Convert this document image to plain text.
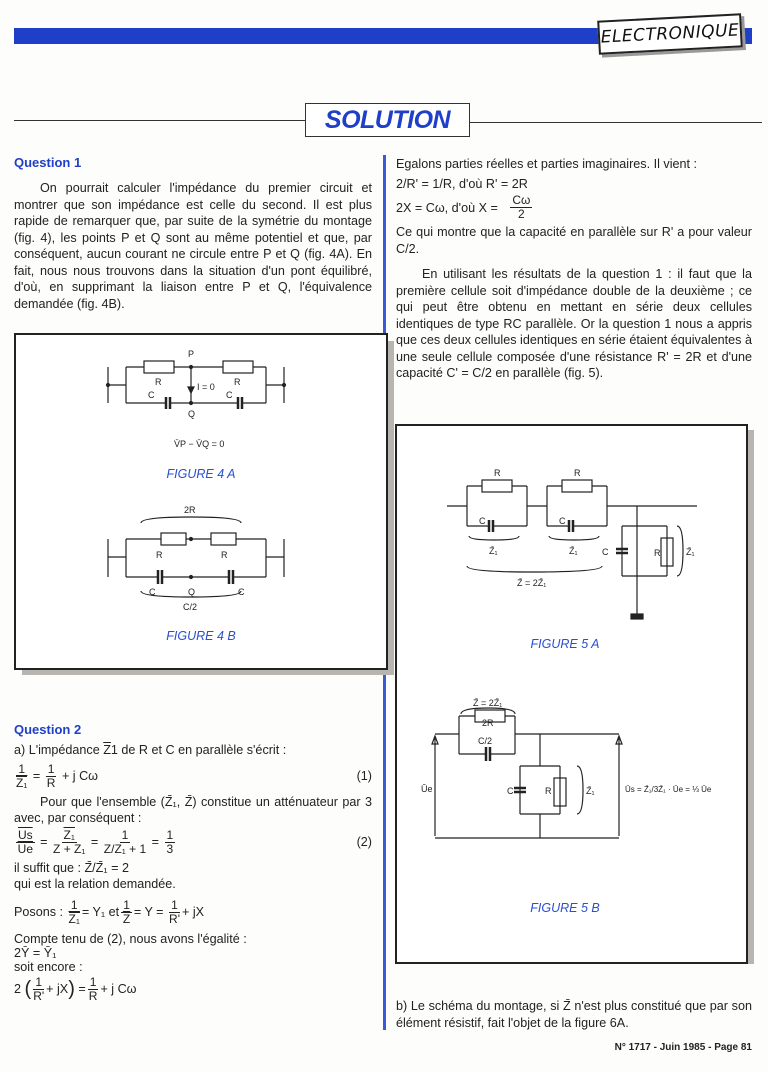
ELECTRONIQUE
SOLUTION
Question 1
On pourrait calculer l'impédance du premier circuit et montrer que son impédance est celle du second. Il est plus rapide de remarquer que, par suite de la symétrie du montage (fig. 4), les points P et Q sont au même potentiel et que, par conséquent, aucun courant ne circule entre P et Q (fig. 4A). En fait, nous nous trouvons dans la situation d'un pont équilibré, d'où, en supprimant la liaison entre P et Q, l'équivalence demandée (fig. 4B).
R	R
P
Q
I = 0
C	C
V̄P − V̄Q = 0
FIGURE 4 A
2R
R	R
C	C
Q
C/2
FIGURE 4 B
Question 2
a) L'impédance $\overline{Z}1$ de R et C en parallèle s'écrit :
$\frac{1}{\text{Z₁}} = \frac{1}{R} + j$ Cω	(1)
Pour que l'ensemble (Z̄₁, Z̄) constitue un atténuateur par 3 avec, par conséquent :
$\frac{\overline{Us}}{Ue} = \frac{\text{Z₁}}{\text{Z + Z₁}} = \frac{1}{\text{Z/Z₁ + 1}} = \frac{1}{3}$	(2)
il suffit que : Z̄/Z̄₁ = 2
qui est la relation demandée.
Posons :
$\frac{1}{\text{Z₁}} = Y_1$ et $\frac{1}{Z} = Y$ =
$\frac{1}{R'}$ + jX
Compte tenu de (2), nous avons l'égalité :
2Ȳ = Ȳ₁
soit encore :
2
( $\frac{1}{R'}$ + jX )
= $\frac{1}{R} + j$ Cω
Egalons parties réelles et parties imaginaires. Il vient :
2/R' = 1/R, d'où R' = 2R
2X = Cω, d'où X =
$\frac{C\omega}{2}$
Ce qui montre que la capacité en parallèle sur R' a pour valeur C/2.
En utilisant les résultats de la question 1 : il faut que la première cellule soit d'impédance double de la deuxième ; ce qui peut être obtenu en mettant en série deux cellules identiques de type RC parallèle. Or la question 1 nous a appris que ces deux cellules identiques en série étaient équivalentes à une seule cellule composée d'une résistance R' = 2R et d'une capacité C' = C/2 en parallèle (fig. 5).
R	R
C	C
Z̄₁	Z̄₁	C	R	Z̄₁
Z̄ = 2Z̄₁
FIGURE 5 A
Z̄ = 2Z̄₁
2R
C/2
C	R	Z̄₁
Ūe	Ūs = Z̄₁/3Z̄₁ · Ūe = ⅓ Ūe
FIGURE 5 B
b) Le schéma du montage, si Z̄ n'est plus constitué que par son élément résistif, fait l'objet de la figure 6A.
N° 1717 - Juin 1985 - Page 81
